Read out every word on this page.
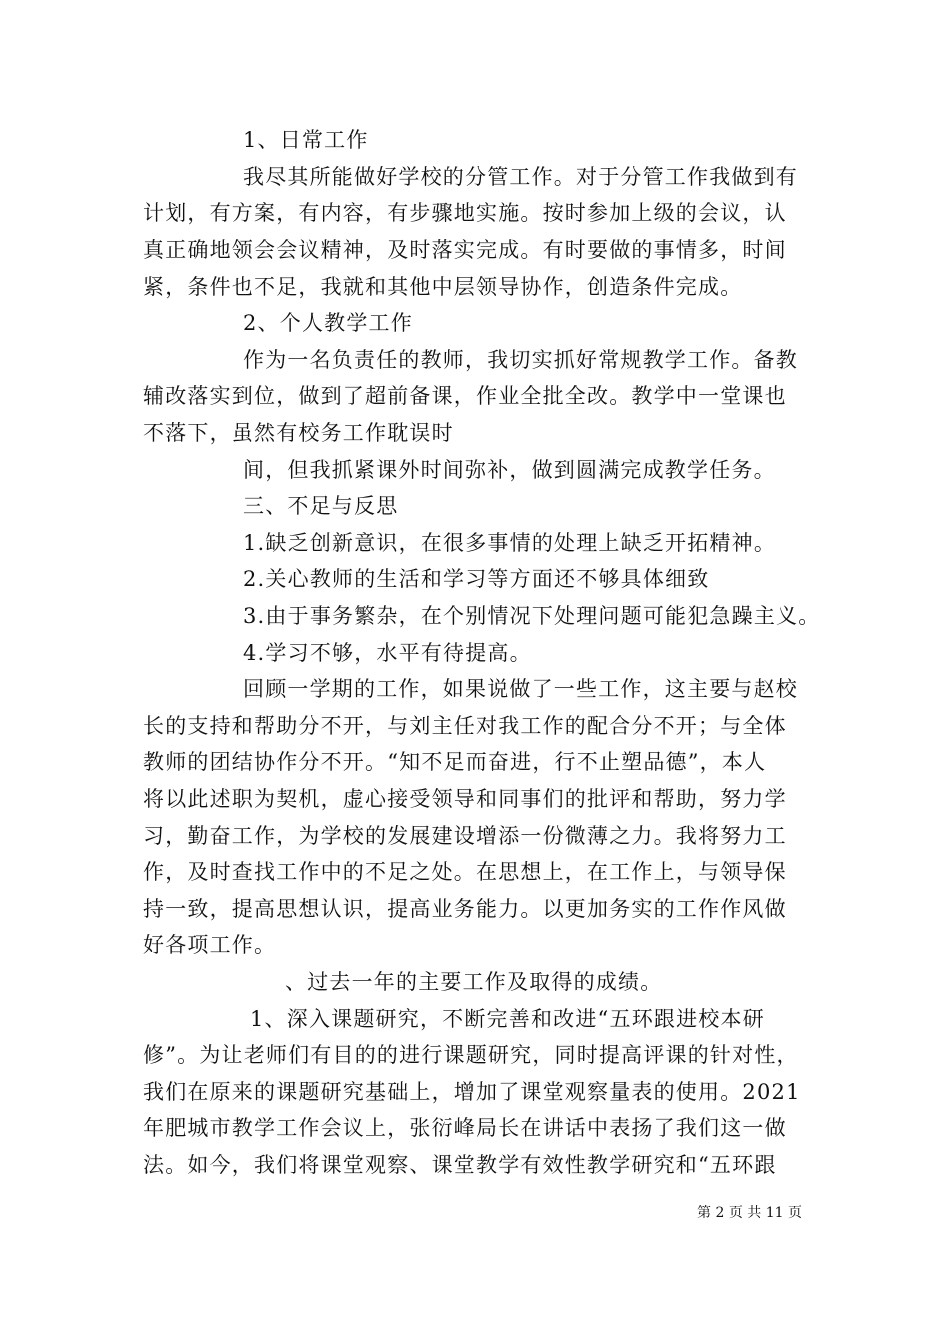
1、日常工作
我尽其所能做好学校的分管工作。对于分管工作我做到有
计划，有方案，有内容，有步骤地实施。按时参加上级的会议，认
真正确地领会会议精神，及时落实完成。有时要做的事情多，时间
紧，条件也不足，我就和其他中层领导协作，创造条件完成。
2、个人教学工作
作为一名负责任的教师，我切实抓好常规教学工作。备教
辅改落实到位，做到了超前备课，作业全批全改。教学中一堂课也
不落下，虽然有校务工作耽误时
间，但我抓紧课外时间弥补，做到圆满完成教学任务。
三、不足与反思
1.缺乏创新意识，在很多事情的处理上缺乏开拓精神。
2.关心教师的生活和学习等方面还不够具体细致
3.由于事务繁杂，在个别情况下处理问题可能犯急躁主义。
4.学习不够，水平有待提高。
回顾一学期的工作，如果说做了一些工作，这主要与赵校
长的支持和帮助分不开，与刘主任对我工作的配合分不开；与全体
教师的团结协作分不开。“知不足而奋进，行不止塑品德”，本人
将以此述职为契机，虚心接受领导和同事们的批评和帮助，努力学
习，勤奋工作，为学校的发展建设增添一份微薄之力。我将努力工
作，及时查找工作中的不足之处。在思想上，在工作上，与领导保
持一致，提高思想认识，提高业务能力。以更加务实的工作作风做
好各项工作。
、过去一年的主要工作及取得的成绩。
1、深入课题研究，不断完善和改进“五环跟进校本研
修”。为让老师们有目的的进行课题研究，同时提高评课的针对性，
我们在原来的课题研究基础上，增加了课堂观察量表的使用。2021
年肥城市教学工作会议上，张衍峰局长在讲话中表扬了我们这一做
法。如今，我们将课堂观察、课堂教学有效性教学研究和“五环跟
第 2 页 共 11 页
